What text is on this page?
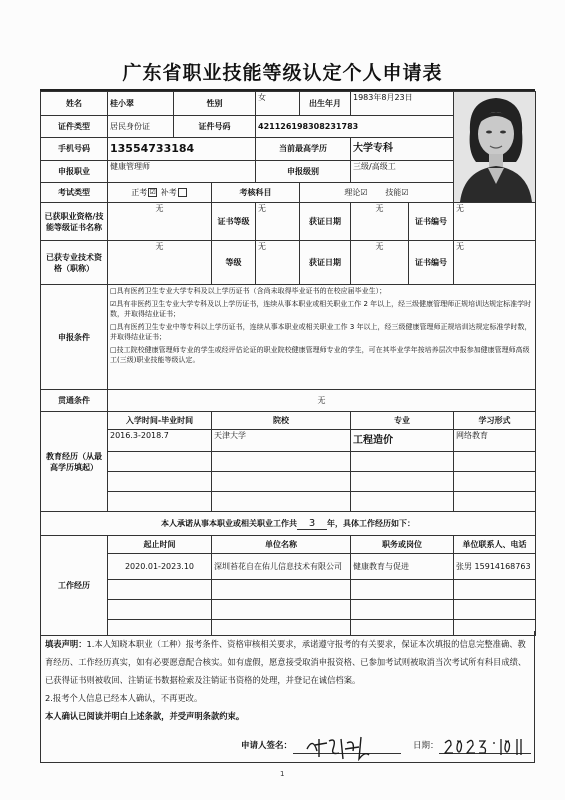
广东省职业技能等级认定个人申请表
姓名	桂小翠	性别		女	出生年月	1983年8月23日	

证件类型	居民身份证	证件号码		421126198308231783				
手机号码	13554733184			当前最高学历		大学专科		
申报职业	健康管理师			申报级别		三级/高级工		
考试类型	正考 ☑ 补考		考核科目		理论☑ 技能☑			
已获职业资格/技能等级证书名称	无		证书等级	无	获证日期	无	证书编号	无
已获专业技术资格（职称）	无		等级	无	获证日期	无	证书编号	无
申报条件	□具有医药卫生专业大学专科及以上学历证书（含尚未取得毕业证书的在校应届毕业生）；

☑具有非医药卫生专业大学专科及以上学历证书，连续从事本职业或相关职业工作 2 年以上，经三级健康管理师正规培训达规定标准学时数，并取得结业证书；

□具有医药卫生专业中等专科以上学历证书，连续从事本职业或相关职业工作 3 年以上，经三级健康管理师正规培训达规定标准学时数，并取得结业证书；

□技工院校健康管理师专业的学生或经评估论证的职业院校健康管理师专业的学生，可在其毕业学年按培养层次申报参加健康管理师高级工(三级)职业技能等级认定。							

贯通条件	无							
教育经历（从最高学历填起）	入学时间-毕业时间		院校			专业		学习形式
	2016.3-2018.7		天津大学			工程造价		网络教育

本人承诺从事本职业或相关职业工作共 3 年，具体工作经历如下：								
工作经历	起止时间		单位名称			职务或岗位		单位联系人、电话
	2020.01-2023.10		深圳苔花自在佑儿信息技术有限公司			健康教育与促进		张男 15914168763

填表声明：1.本人知晓本职业（工种）报考条件、资格审核相关要求，承诺遵守报考的有关要求，保证本次填报的信息完整准确、教育经历、工作经历真实，如有必要愿意配合核实。如有虚假，愿意接受取消申报资格、已参加考试则被取消当次考试所有科目成绩、已获得证书则被收回、注销证书数据检索及注销证书资格的处理，并登记在诚信档案。

2.报考个人信息已经本人确认，不再更改。

本人确认已阅读并明白上述条款，并受声明条款约束。

申请人签名：	日期：
1
